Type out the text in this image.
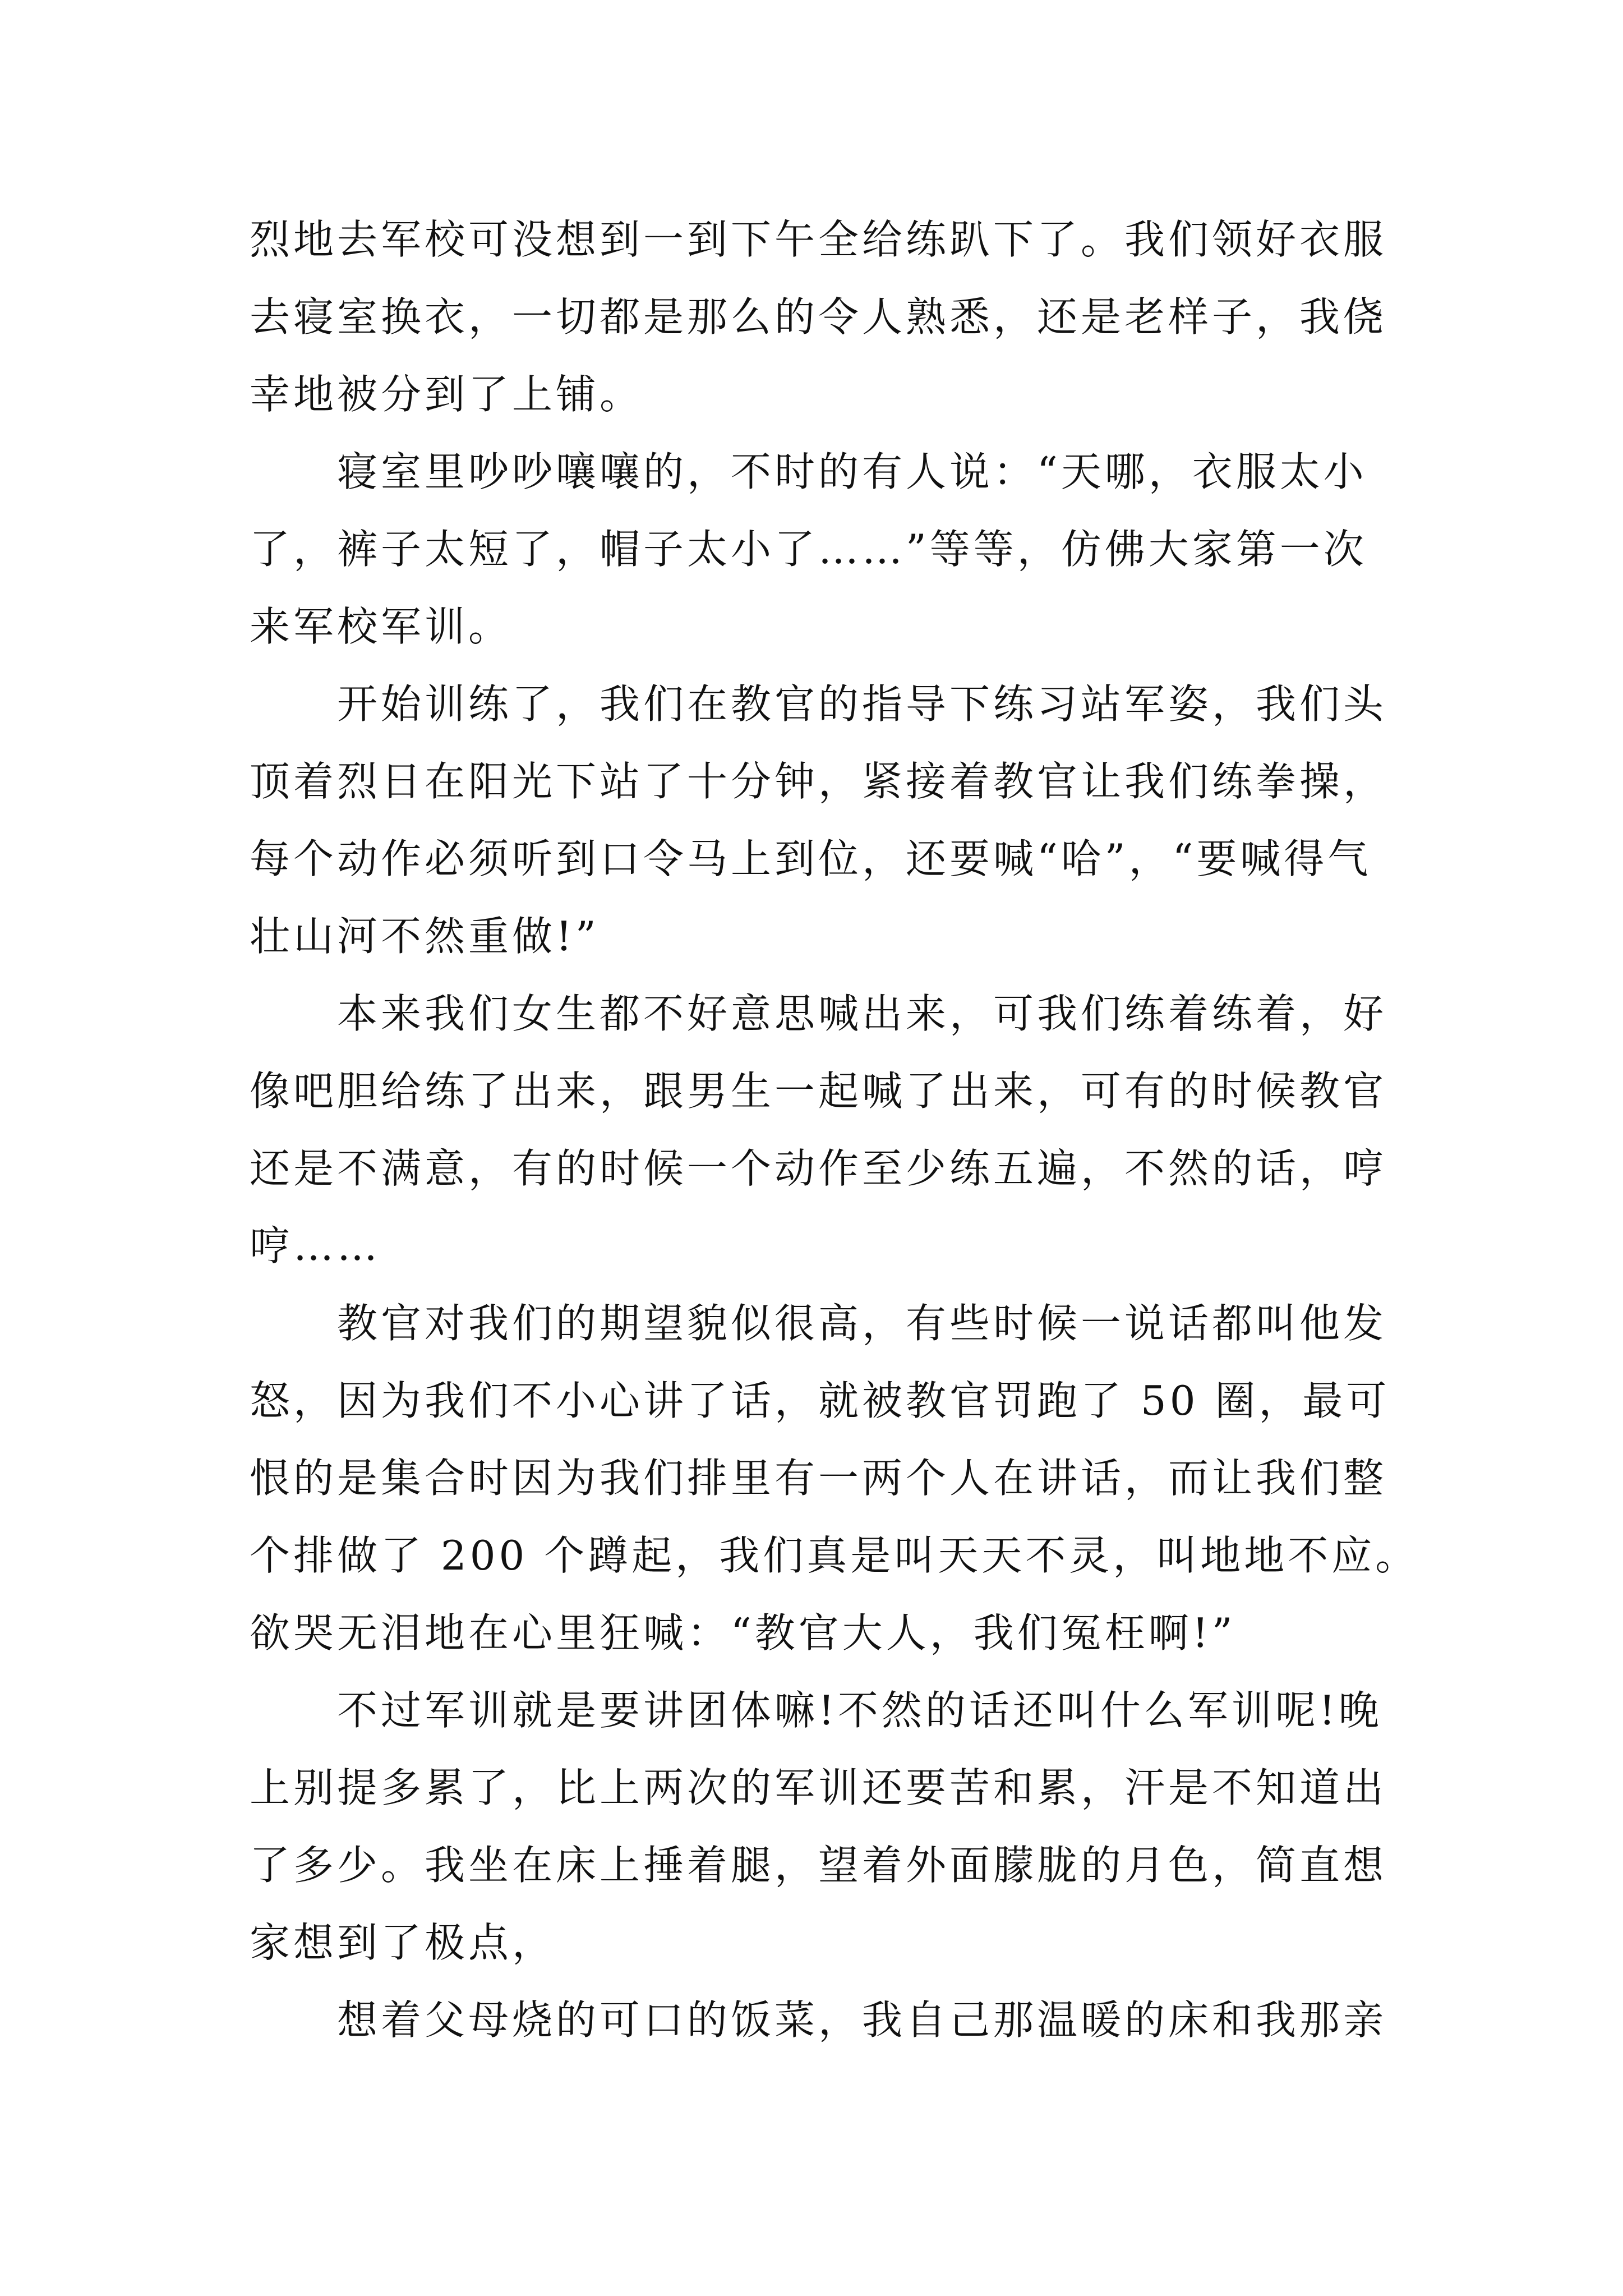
烈地去军校可没想到一到下午全给练趴下了。我们领好衣服
去寝室换衣，一切都是那么的令人熟悉，还是老样子，我侥
幸地被分到了上铺。
寝室里吵吵嚷嚷的，不时的有人说：“天哪，衣服太小
了，裤子太短了，帽子太小了……”等等，仿佛大家第一次
来军校军训。
开始训练了，我们在教官的指导下练习站军姿，我们头
顶着烈日在阳光下站了十分钟，紧接着教官让我们练拳操，
每个动作必须听到口令马上到位，还要喊“哈”，“要喊得气
壮山河不然重做!”
本来我们女生都不好意思喊出来，可我们练着练着，好
像吧胆给练了出来，跟男生一起喊了出来，可有的时候教官
还是不满意，有的时候一个动作至少练五遍，不然的话，哼
哼……
教官对我们的期望貌似很高，有些时候一说话都叫他发
怒，因为我们不小心讲了话，就被教官罚跑了 50 圈，最可
恨的是集合时因为我们排里有一两个人在讲话，而让我们整
个排做了 200 个蹲起，我们真是叫天天不灵，叫地地不应。
欲哭无泪地在心里狂喊：“教官大人，我们冤枉啊!”
不过军训就是要讲团体嘛!不然的话还叫什么军训呢!晚
上别提多累了，比上两次的军训还要苦和累，汗是不知道出
了多少。我坐在床上捶着腿，望着外面朦胧的月色，简直想
家想到了极点，
想着父母烧的可口的饭菜，我自己那温暖的床和我那亲
